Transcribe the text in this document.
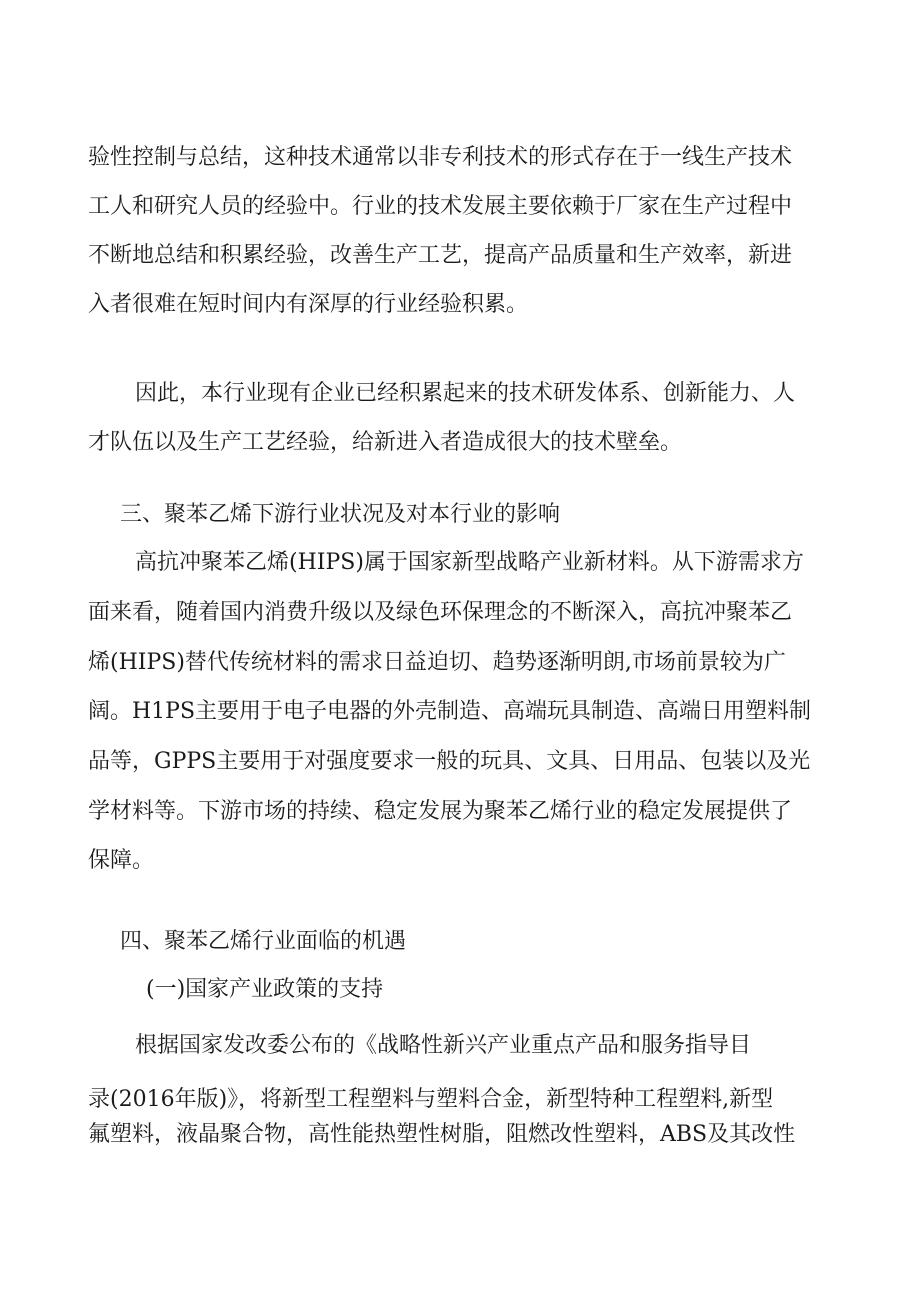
验性控制与总结，这种技术通常以非专利技术的形式存在于一线生产技术
工人和研究人员的经验中。行业的技术发展主要依赖于厂家在生产过程中
不断地总结和积累经验，改善生产工艺，提高产品质量和生产效率，新进
入者很难在短时间内有深厚的行业经验积累。
因此，本行业现有企业已经积累起来的技术研发体系、创新能力、人
才队伍以及生产工艺经验，给新进入者造成很大的技术壁垒。
三、聚苯乙烯下游行业状况及对本行业的影响
高抗冲聚苯乙烯(HIPS)属于国家新型战略产业新材料。从下游需求方
面来看，随着国内消费升级以及绿色环保理念的不断深入，高抗冲聚苯乙
烯(HIPS)替代传统材料的需求日益迫切、趋势逐渐明朗,市场前景较为广
阔。H1PS主要用于电子电器的外壳制造、高端玩具制造、高端日用塑料制
品等，GPPS主要用于对强度要求一般的玩具、文具、日用品、包装以及光
学材料等。下游市场的持续、稳定发展为聚苯乙烯行业的稳定发展提供了
保障。
四、聚苯乙烯行业面临的机遇
(一)国家产业政策的支持
根据国家发改委公布的《战略性新兴产业重点产品和服务指导目
录(2016年版)》，将新型工程塑料与塑料合金，新型特种工程塑料,新型
氟塑料，液晶聚合物，高性能热塑性树脂，阻燃改性塑料，ABS及其改性
